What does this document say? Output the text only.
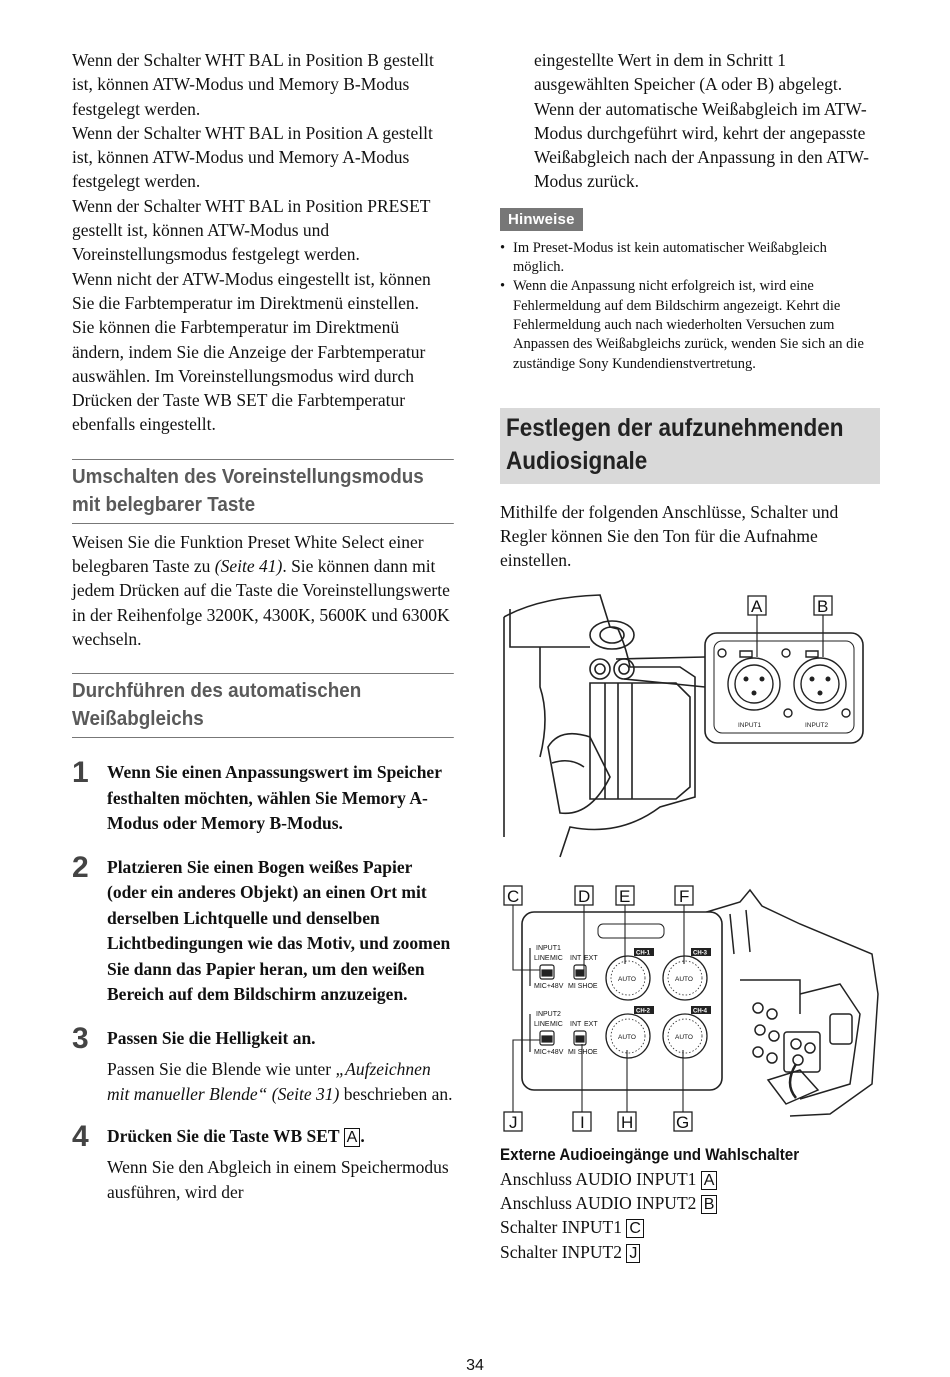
Wenn der Schalter WHT BAL in Position B gestellt ist, können ATW-Modus und Memory B-Modus festgelegt werden.

Wenn der Schalter WHT BAL in Position A gestellt ist, können ATW-Modus und Memory A-Modus festgelegt werden.

Wenn der Schalter WHT BAL in Position PRESET gestellt ist, können ATW-Modus und Voreinstellungsmodus festgelegt werden.

Wenn nicht der ATW-Modus eingestellt ist, können Sie die Farbtemperatur im Direktmenü einstellen.

Sie können die Farbtemperatur im Direktmenü ändern, indem Sie die Anzeige der Farbtemperatur auswählen. Im Voreinstellungsmodus wird durch Drücken der Taste WB SET die Farbtemperatur ebenfalls eingestellt.

Umschalten des Voreinstellungsmodus mit belegbarer Taste

Weisen Sie die Funktion Preset White Select einer belegbaren Taste zu (Seite 41). Sie können dann mit jedem Drücken auf die Taste die Voreinstellungswerte in der Reihenfolge 3200K, 4300K, 5600K und 6300K wechseln.

Durchführen des automatischen Weißabgleichs
1 Wenn Sie einen Anpassungswert im Speicher festhalten möchten, wählen Sie Memory A-Modus oder Memory B-Modus.

2 Platzieren Sie einen Bogen weißes Papier (oder ein anderes Objekt) an einen Ort mit derselben Lichtquelle und denselben Lichtbedingungen wie das Motiv, und zoomen Sie dann das Papier heran, um den weißen Bereich auf dem Bildschirm anzuzeigen.

3 Passen Sie die Helligkeit an.

Passen Sie die Blende wie unter „Aufzeichnen mit manueller Blende“ (Seite 31) beschrieben an.

4 Drücken Sie die Taste WB SET A .

Wenn Sie den Abgleich in einem Speichermodus ausführen, wird der

eingestellte Wert in dem in Schritt 1 ausgewählten Speicher (A oder B) abgelegt. Wenn der automatische Weißabgleich im ATW-Modus durchgeführt wird, kehrt der angepasste Weißabgleich nach der Anpassung in den ATW-Modus zurück.

Hinweise
• Im Preset-Modus ist kein automatischer Weißabgleich möglich.
• Wenn die Anpassung nicht erfolgreich ist, wird eine Fehlermeldung auf dem Bildschirm angezeigt. Kehrt die Fehlermeldung auch nach wiederholten Versuchen zum Anpassen des Weißabgleichs zurück, wenden Sie sich an die zuständige Sony Kundendienstvertretung.
Festlegen der aufzunehmenden Audiosignale

Mithilfe der folgenden Anschlüsse, Schalter und Regler können Sie den Ton für die Aufnahme einstellen.

INPUT1	INPUT2
A	B
INPUT1
LINE MIC
MIC+48V
INT EXT
MI SHOE
INPUT2
LINE MIC
MIC+48V
INT EXT
MI SHOE
AUTO	AUTO
AUTO	AUTO
CH-1	CH-3
CH-2	CH-4
C	D E	F
J	I H	G

Externe Audioeingänge und Wahlschalter

Anschluss AUDIO INPUT1 A
Anschluss AUDIO INPUT2 B
Schalter INPUT1 C
Schalter INPUT2 J
34
